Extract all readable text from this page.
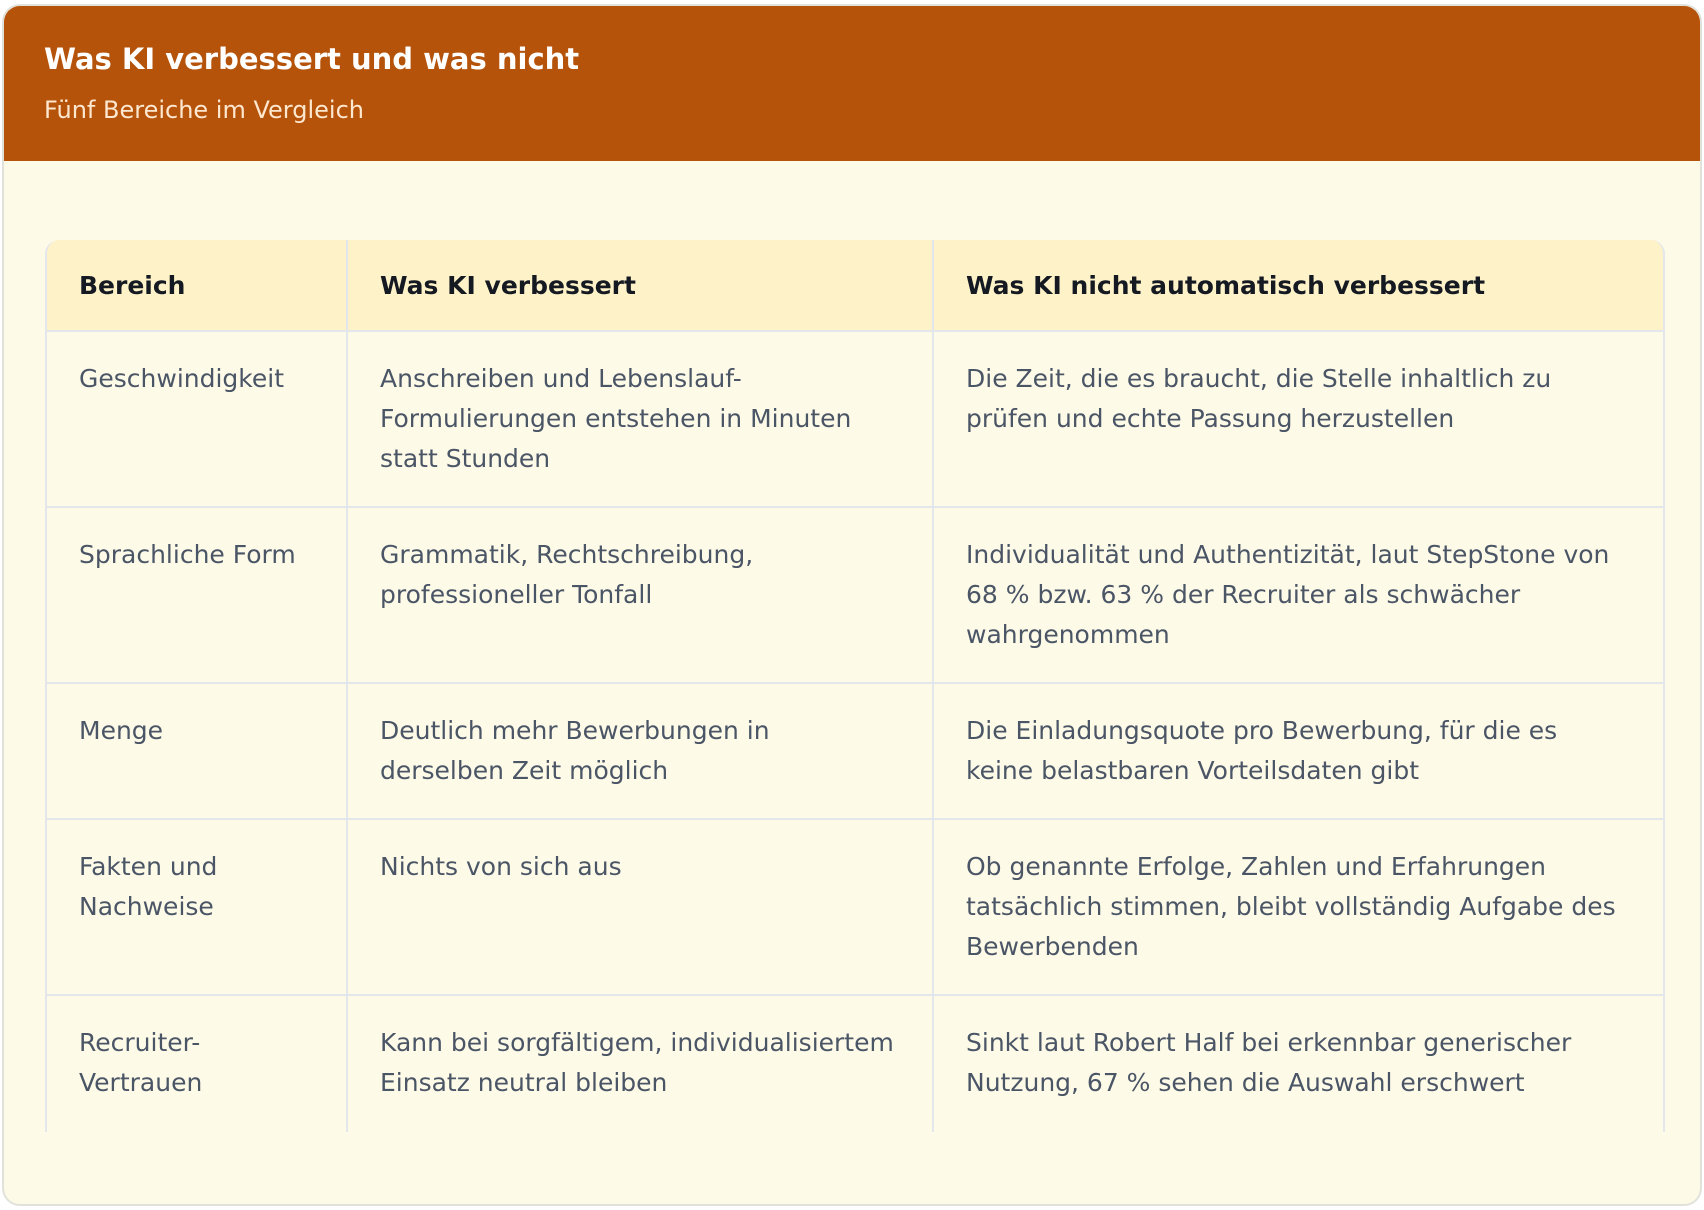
Was KI verbessert und was nicht
Fünf Bereiche im Vergleich
Bereich	Was KI verbessert	Was KI nicht automatisch verbessert
Geschwindigkeit	Anschreiben und Lebenslauf-Formulierungen entstehen in Minuten statt Stunden	Die Zeit, die es braucht, die Stelle inhaltlich zu prüfen und echte Passung herzustellen
Sprachliche Form	Grammatik, Rechtschreibung, professioneller Tonfall	Individualität und Authentizität, laut StepStone von 68 % bzw. 63 % der Recruiter als schwächer wahrgenommen
Menge	Deutlich mehr Bewerbungen in derselben Zeit möglich	Die Einladungsquote pro Bewerbung, für die es keine belastbaren Vorteilsdaten gibt
Fakten und Nachweise	Nichts von sich aus	Ob genannte Erfolge, Zahlen und Erfahrungen tatsächlich stimmen, bleibt vollständig Aufgabe des Bewerbenden
Recruiter-Vertrauen	Kann bei sorgfältigem, individualisiertem Einsatz neutral bleiben	Sinkt laut Robert Half bei erkennbar generischer Nutzung, 67 % sehen die Auswahl erschwert
